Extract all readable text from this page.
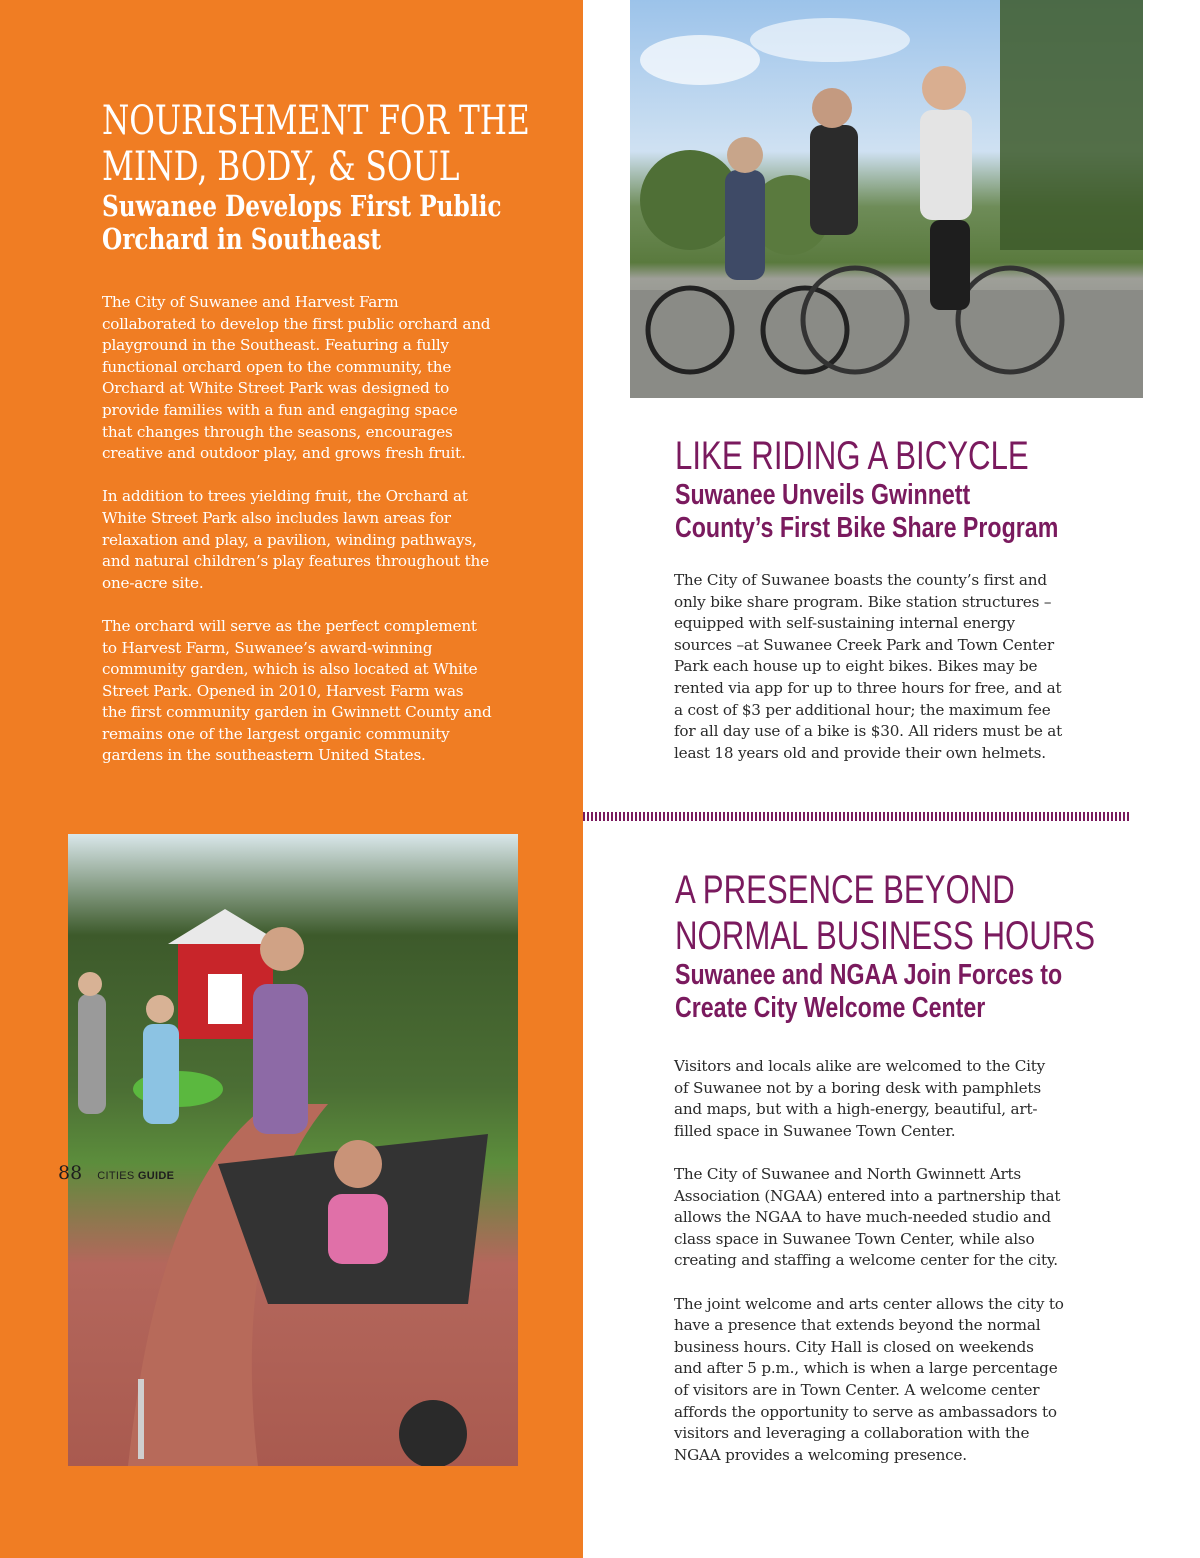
NOURISHMENT FOR THE
MIND, BODY, & SOUL
Suwanee Develops First Public
Orchard in Southeast

The City of Suwanee and Harvest Farm collaborated to develop the first public orchard and playground in the Southeast. Featuring a fully functional orchard open to the community, the Orchard at White Street Park was designed to provide families with a fun and engaging space that changes through the seasons, encourages creative and outdoor play, and grows fresh fruit.

In addition to trees yielding fruit, the Orchard at White Street Park also includes lawn areas for relaxation and play, a pavilion, winding pathways, and natural children’s play features throughout the one-acre site.

The orchard will serve as the perfect complement to Harvest Farm, Suwanee’s award-winning community garden, which is also located at White Street Park. Opened in 2010, Harvest Farm was the first community garden in Gwinnett County and remains one of the largest organic community gardens in the southeastern United States.

LIKE RIDING A BICYCLE
Suwanee Unveils Gwinnett
County’s First Bike Share Program

The City of Suwanee boasts the county’s first and only bike share program. Bike station structures – equipped with self-sustaining internal energy sources –at Suwanee Creek Park and Town Center Park each house up to eight bikes. Bikes may be rented via app for up to three hours for free, and at a cost of $3 per additional hour; the maximum fee for all day use of a bike is $30. All riders must be at least 18 years old and provide their own helmets.

A PRESENCE BEYOND
NORMAL BUSINESS HOURS
Suwanee and NGAA Join Forces to
Create City Welcome Center

Visitors and locals alike are welcomed to the City of Suwanee not by a boring desk with pamphlets and maps, but with a high-energy, beautiful, art-filled space in Suwanee Town Center.

The City of Suwanee and North Gwinnett Arts Association (NGAA) entered into a partnership that allows the NGAA to have much-needed studio and class space in Suwanee Town Center, while also creating and staffing a welcome center for the city.

The joint welcome and arts center allows the city to have a presence that extends beyond the normal business hours. City Hall is closed on weekends and after 5 p.m., which is when a large percentage of visitors are in Town Center. A welcome center affords the opportunity to serve as ambassadors to visitors and leveraging a collaboration with the NGAA provides a welcoming presence.

88 CITIES GUIDE
